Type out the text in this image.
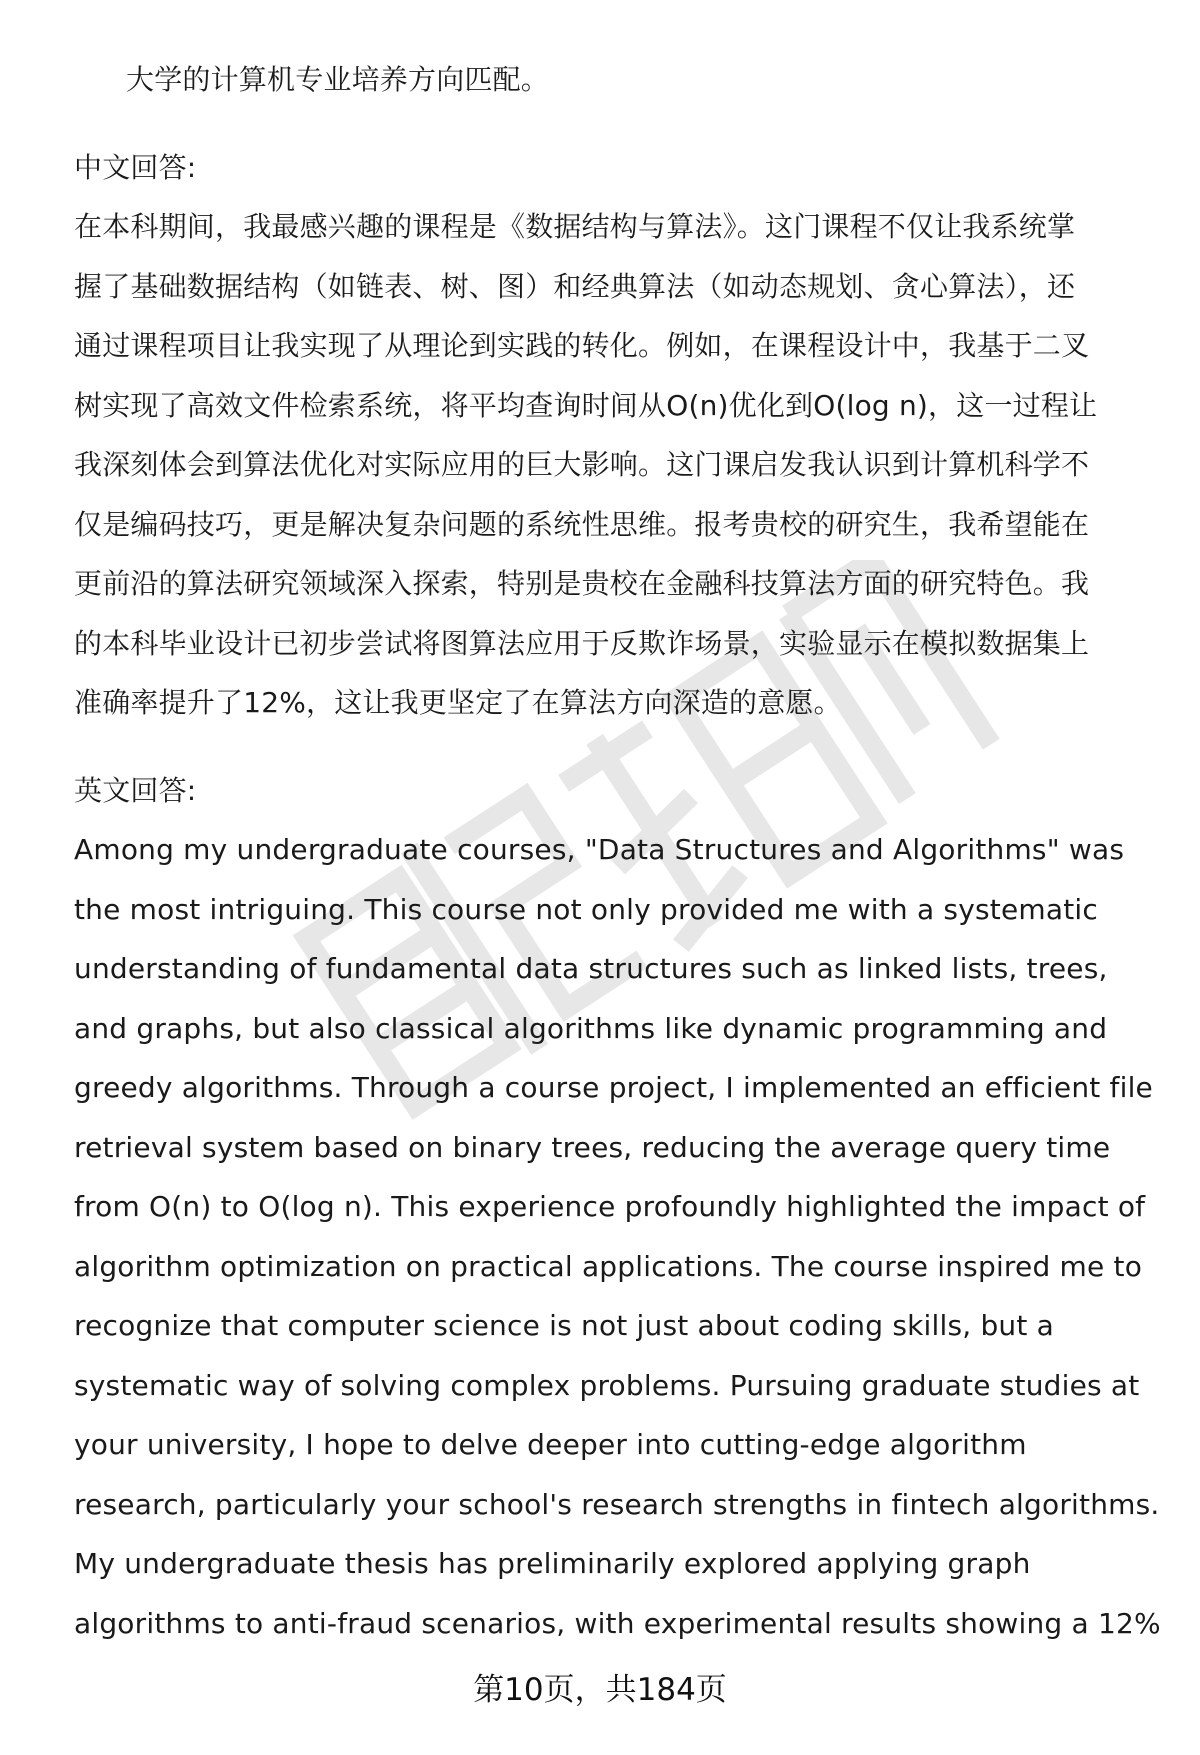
大学的计算机专业培养方向匹配。
中文回答:
在本科期间，我最感兴趣的课程是《数据结构与算法》。这门课程不仅让我系统掌
握了基础数据结构（如链表、树、图）和经典算法（如动态规划、贪心算法），还
通过课程项目让我实现了从理论到实践的转化。例如，在课程设计中，我基于二叉
树实现了高效文件检索系统，将平均查询时间从O(n)优化到O(log n)，这一过程让
我深刻体会到算法优化对实际应用的巨大影响。这门课启发我认识到计算机科学不
仅是编码技巧，更是解决复杂问题的系统性思维。报考贵校的研究生，我希望能在
更前沿的算法研究领域深入探索，特别是贵校在金融科技算法方面的研究特色。我
的本科毕业设计已初步尝试将图算法应用于反欺诈场景，实验显示在模拟数据集上
准确率提升了12%，这让我更坚定了在算法方向深造的意愿。
英文回答:
Among my undergraduate courses, "Data Structures and Algorithms" was
the most intriguing. This course not only provided me with a systematic
understanding of fundamental data structures such as linked lists, trees,
and graphs, but also classical algorithms like dynamic programming and
greedy algorithms. Through a course project, I implemented an efficient file
retrieval system based on binary trees, reducing the average query time
from O(n) to O(log n). This experience profoundly highlighted the impact of
algorithm optimization on practical applications. The course inspired me to
recognize that computer science is not just about coding skills, but a
systematic way of solving complex problems. Pursuing graduate studies at
your university, I hope to delve deeper into cutting-edge algorithm
research, particularly your school's research strengths in fintech algorithms.
My undergraduate thesis has preliminarily explored applying graph
algorithms to anti-fraud scenarios, with experimental results showing a 12%
第10页，共184页
